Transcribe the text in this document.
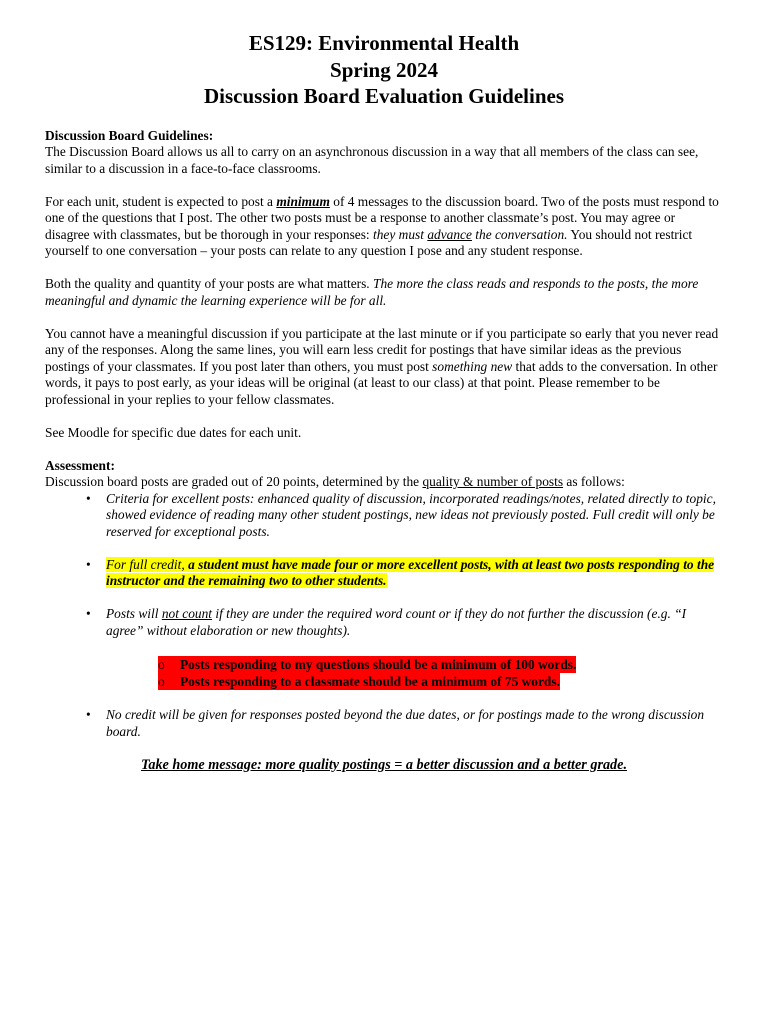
ES129: Environmental Health
Spring 2024
Discussion Board Evaluation Guidelines
Discussion Board Guidelines:

The Discussion Board allows us all to carry on an asynchronous discussion in a way that all members of the class can see, similar to a discussion in a face-to-face classrooms.

For each unit, student is expected to post a minimum of 4 messages to the discussion board. Two of the posts must respond to one of the questions that I post. The other two posts must be a response to another classmate’s post. You may agree or disagree with classmates, but be thorough in your responses: they must advance the conversation. You should not restrict yourself to one conversation – your posts can relate to any question I pose and any student response.

Both the quality and quantity of your posts are what matters. The more the class reads and responds to the posts, the more meaningful and dynamic the learning experience will be for all.

You cannot have a meaningful discussion if you participate at the last minute or if you participate so early that you never read any of the responses. Along the same lines, you will earn less credit for postings that have similar ideas as the previous postings of your classmates. If you post later than others, you must post something new that adds to the conversation. In other words, it pays to post early, as your ideas will be original (at least to our class) at that point. Please remember to be professional in your replies to your fellow classmates.

See Moodle for specific due dates for each unit.

Assessment:
Discussion board posts are graded out of 20 points, determined by the quality & number of posts as follows:
• Criteria for excellent posts: enhanced quality of discussion, incorporated readings/notes, related directly to topic, showed evidence of reading many other student postings, new ideas not previously posted. Full credit will only be reserved for exceptional posts.
• For full credit, a student must have made four or more excellent posts, with at least two posts responding to the instructor and the remaining two to other students.
• Posts will not count if they are under the required word count or if they do not further the discussion (e.g. “I agree” without elaboration or new thoughts).
o Posts responding to my questions should be a minimum of 100 words.
o Posts responding to a classmate should be a minimum of 75 words.
• No credit will be given for responses posted beyond the due dates, or for postings made to the wrong discussion board.
Take home message: more quality postings = a better discussion and a better grade.
